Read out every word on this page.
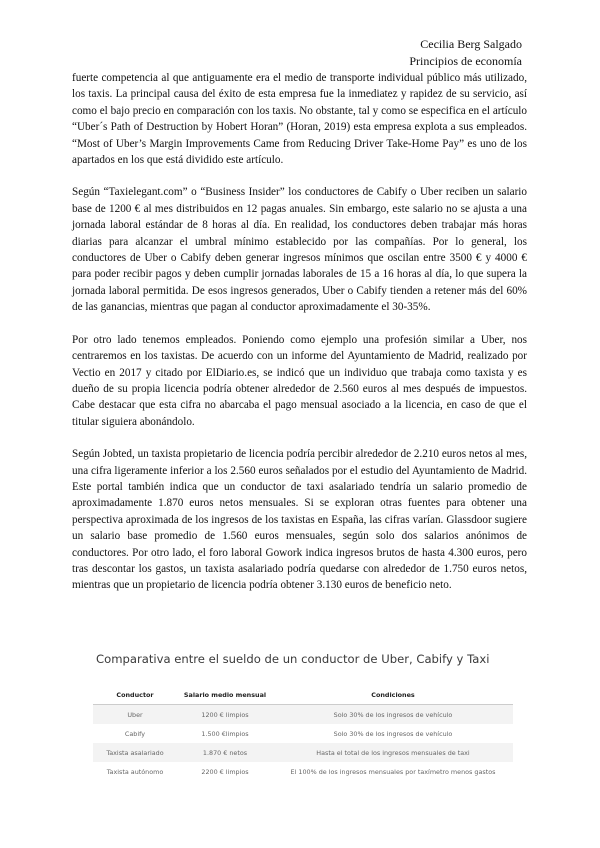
Cecilia Berg Salgado
Principios de economía

fuerte competencia al que antiguamente era el medio de transporte individual público más utilizado, los taxis. La principal causa del éxito de esta empresa fue la inmediatez y rapidez de su servicio, así como el bajo precio en comparación con los taxis. No obstante, tal y como se especifica en el artículo “Uber´s Path of Destruction by Hobert Horan” (Horan, 2019) esta empresa explota a sus empleados. “Most of Uber’s Margin Improvements Came from Reducing Driver Take-Home Pay” es uno de los apartados en los que está dividido este artículo.

Según “Taxielegant.com” o “Business Insider” los conductores de Cabify o Uber reciben un salario base de 1200 € al mes distribuidos en 12 pagas anuales. Sin embargo, este salario no se ajusta a una jornada laboral estándar de 8 horas al día. En realidad, los conductores deben trabajar más horas diarias para alcanzar el umbral mínimo establecido por las compañías. Por lo general, los conductores de Uber o Cabify deben generar ingresos mínimos que oscilan entre 3500 € y 4000 € para poder recibir pagos y deben cumplir jornadas laborales de 15 a 16 horas al día, lo que supera la jornada laboral permitida. De esos ingresos generados, Uber o Cabify tienden a retener más del 60% de las ganancias, mientras que pagan al conductor aproximadamente el 30-35%.

Por otro lado tenemos empleados. Poniendo como ejemplo una profesión similar a Uber, nos centraremos en los taxistas. De acuerdo con un informe del Ayuntamiento de Madrid, realizado por Vectio en 2017 y citado por ElDiario.es, se indicó que un individuo que trabaja como taxista y es dueño de su propia licencia podría obtener alrededor de 2.560 euros al mes después de impuestos. Cabe destacar que esta cifra no abarcaba el pago mensual asociado a la licencia, en caso de que el titular siguiera abonándolo.

Según Jobted, un taxista propietario de licencia podría percibir alrededor de 2.210 euros netos al mes, una cifra ligeramente inferior a los 2.560 euros señalados por el estudio del Ayuntamiento de Madrid. Este portal también indica que un conductor de taxi asalariado tendría un salario promedio de aproximadamente 1.870 euros netos mensuales. Si se exploran otras fuentes para obtener una perspectiva aproximada de los ingresos de los taxistas en España, las cifras varían. Glassdoor sugiere un salario base promedio de 1.560 euros mensuales, según solo dos salarios anónimos de conductores. Por otro lado, el foro laboral Gowork indica ingresos brutos de hasta 4.300 euros, pero tras descontar los gastos, un taxista asalariado podría quedarse con alrededor de 1.750 euros netos, mientras que un propietario de licencia podría obtener 3.130 euros de beneficio neto.

Comparativa entre el sueldo de un conductor de Uber, Cabify y Taxi
Conductor	Salario medio mensual	Condiciones
Uber	1200 € limpios	Solo 30% de los ingresos de vehículo
Cabify	1.500 €limpios	Solo 30% de los ingresos de vehículo
Taxista asalariado	1.870 € netos	Hasta el total de los ingresos mensuales de taxi
Taxista autónomo	2200 € limpios	El 100% de los ingresos mensuales por taxímetro menos gastos
